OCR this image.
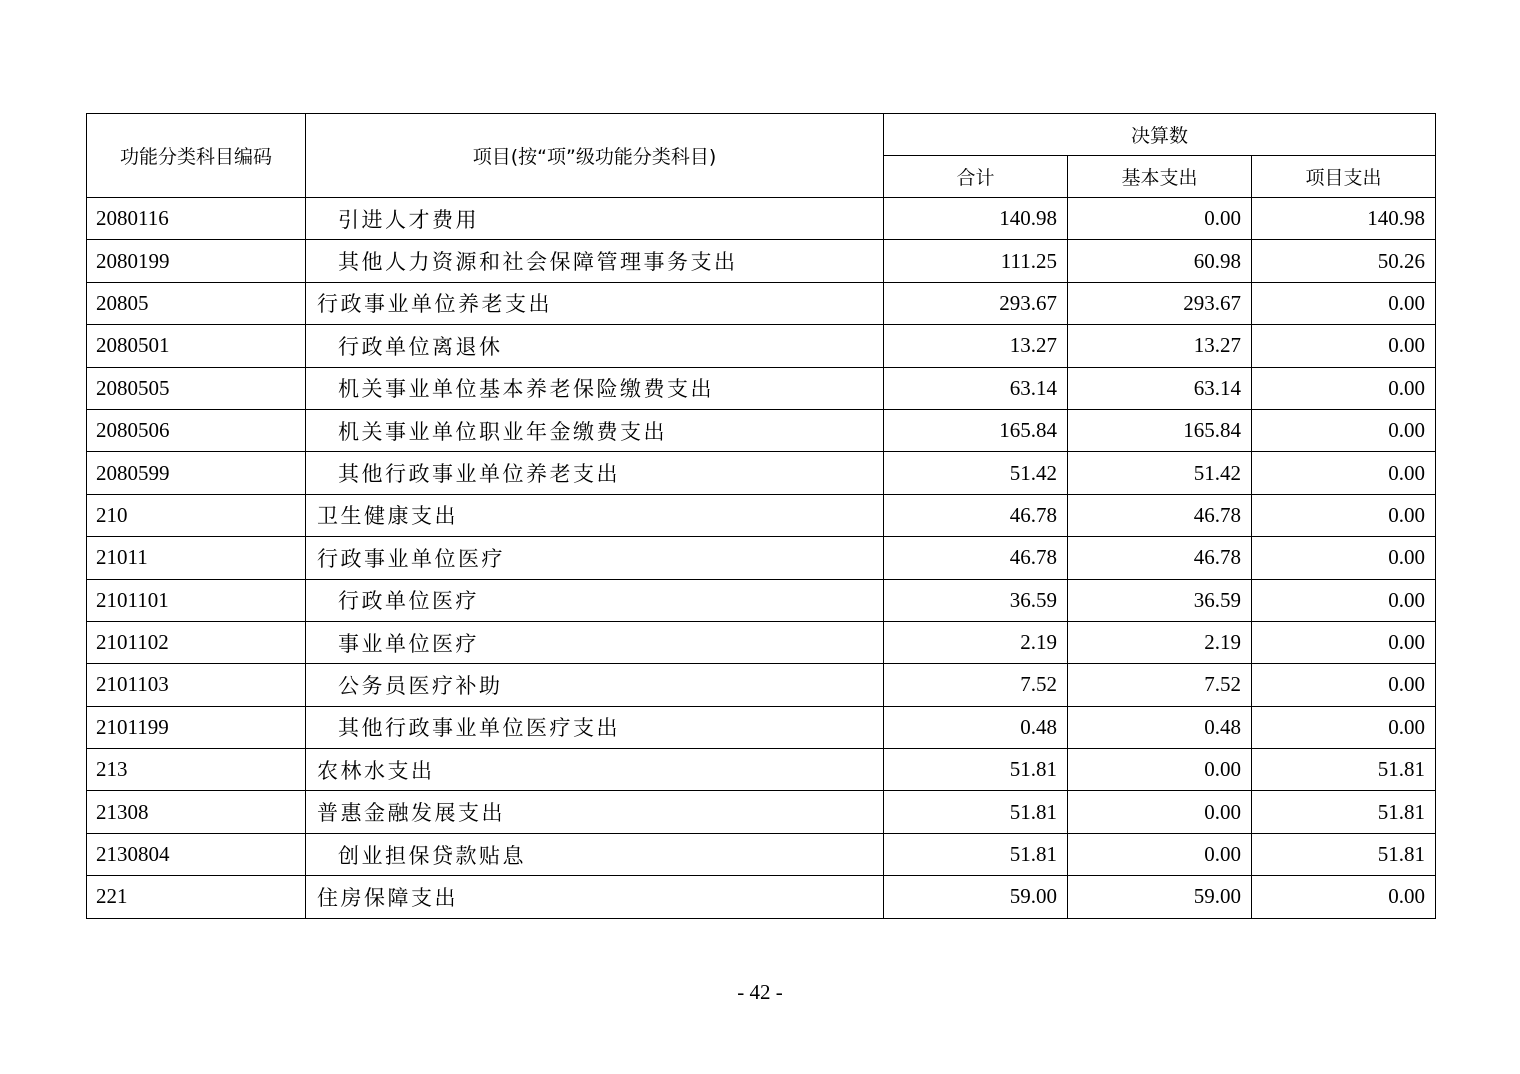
功能分类科目编码	项目(按“项”级功能分类科目)	决算数		
		合计	基本支出	项目支出
2080116	引进人才费用	140.98	0.00	140.98
2080199	其他人力资源和社会保障管理事务支出	111.25	60.98	50.26
20805	行政事业单位养老支出	293.67	293.67	0.00
2080501	行政单位离退休	13.27	13.27	0.00
2080505	机关事业单位基本养老保险缴费支出	63.14	63.14	0.00
2080506	机关事业单位职业年金缴费支出	165.84	165.84	0.00
2080599	其他行政事业单位养老支出	51.42	51.42	0.00
210	卫生健康支出	46.78	46.78	0.00
21011	行政事业单位医疗	46.78	46.78	0.00
2101101	行政单位医疗	36.59	36.59	0.00
2101102	事业单位医疗	2.19	2.19	0.00
2101103	公务员医疗补助	7.52	7.52	0.00
2101199	其他行政事业单位医疗支出	0.48	0.48	0.00
213	农林水支出	51.81	0.00	51.81
21308	普惠金融发展支出	51.81	0.00	51.81
2130804	创业担保贷款贴息	51.81	0.00	51.81
221	住房保障支出	59.00	59.00	0.00
- 42 -
